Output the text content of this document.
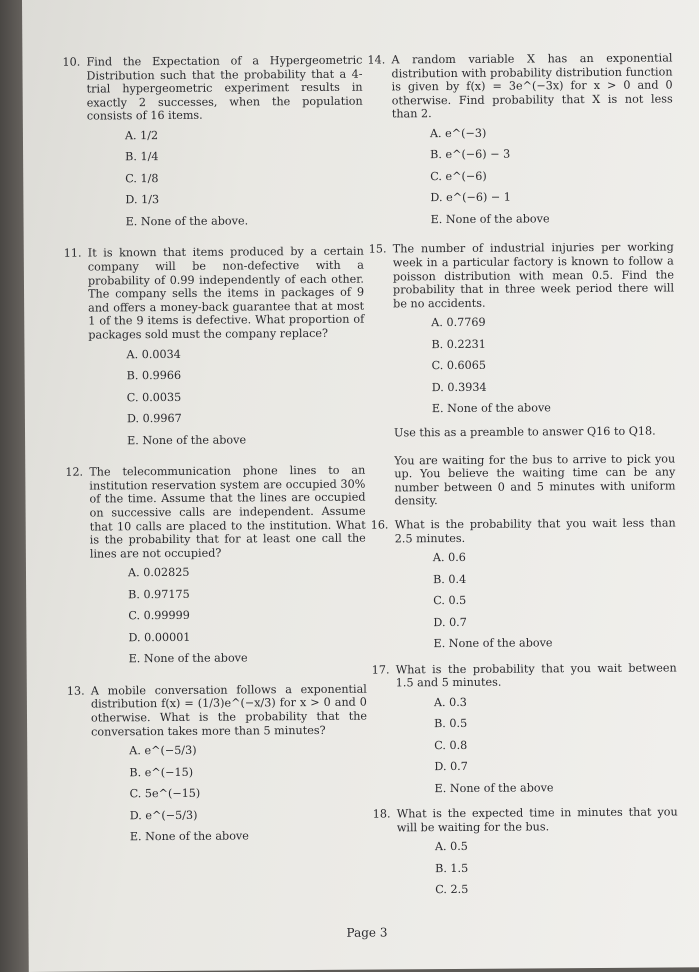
10. Find the Expectation of a Hypergeometric Distribution such that the probability that a 4-trial hypergeometric experiment results in exactly 2 successes, when the population consists of 16 items.
A. 1/2
B. 1/4
C. 1/8
D. 1/3
E. None of the above.
11. It is known that items produced by a certain company will be non-defective with a probability of 0.99 independently of each other. The company sells the items in packages of 9 and offers a money-back guarantee that at most 1 of the 9 items is defective. What proportion of packages sold must the company replace?
A. 0.0034
B. 0.9966
C. 0.0035
D. 0.9967
E. None of the above
12. The telecommunication phone lines to an institution reservation system are occupied 30% of the time. Assume that the lines are occupied on successive calls are independent. Assume that 10 calls are placed to the institution. What is the probability that for at least one call the lines are not occupied?
A. 0.02825
B. 0.97175
C. 0.99999
D. 0.00001
E. None of the above
13. A mobile conversation follows a exponential distribution f(x) = (1/3)e^(−x/3) for x > 0 and 0 otherwise. What is the probability that the conversation takes more than 5 minutes?
A. e^(−5/3)
B. e^(−15)
C. 5e^(−15)
D. e^(−5/3)
E. None of the above
14. A random variable X has an exponential distribution with probability distribution function is given by f(x) = 3e^(−3x) for x > 0 and 0 otherwise. Find probability that X is not less than 2.
A. e^(−3)
B. e^(−6) − 3
C. e^(−6)
D. e^(−6) − 1
E. None of the above
15. The number of industrial injuries per working week in a particular factory is known to follow a poisson distribution with mean 0.5. Find the probability that in three week period there will be no accidents.
A. 0.7769
B. 0.2231
C. 0.6065
D. 0.3934
E. None of the above
Use this as a preamble to answer Q16 to Q18.
You are waiting for the bus to arrive to pick you up. You believe the waiting time can be any number between 0 and 5 minutes with uniform density.
16. What is the probability that you wait less than 2.5 minutes.
A. 0.6
B. 0.4
C. 0.5
D. 0.7
E. None of the above
17. What is the probability that you wait between 1.5 and 5 minutes.
A. 0.3
B. 0.5
C. 0.8
D. 0.7
E. None of the above
18. What is the expected time in minutes that you will be waiting for the bus.
A. 0.5
B. 1.5
C. 2.5
Page 3
